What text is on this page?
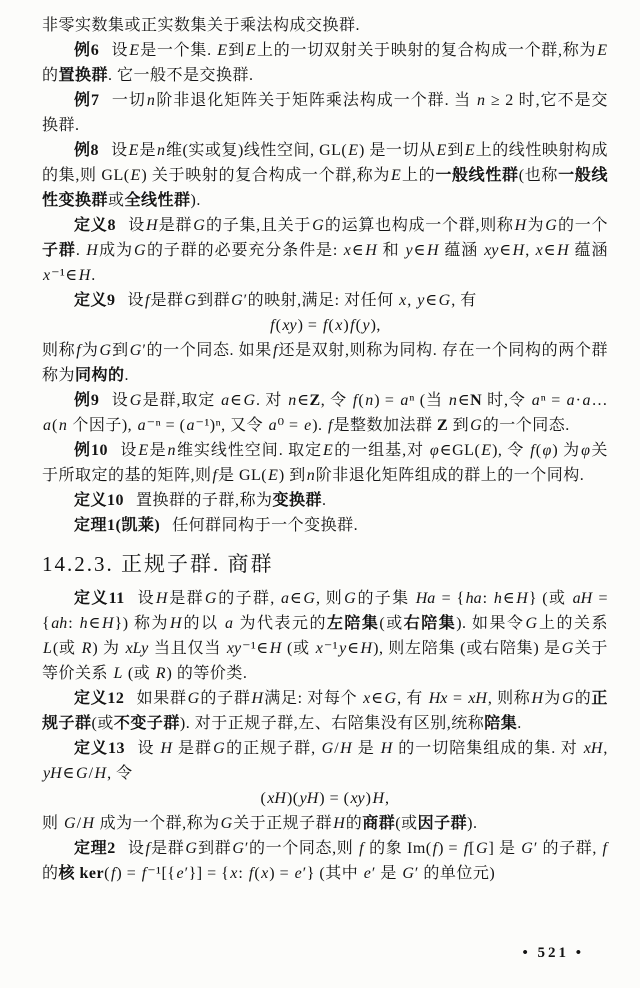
非零实数集或正实数集关于乘法构成交换群.

例6 设E是一个集. E到E上的一切双射关于映射的复合构成一个群,称为E的置换群. 它一般不是交换群.

例7 一切n阶非退化矩阵关于矩阵乘法构成一个群. 当 n ≥ 2 时,它不是交换群.

例8 设E是n维(实或复)线性空间, GL(E) 是一切从E到E上的线性映射构成的集,则 GL(E) 关于映射的复合构成一个群,称为E上的一般线性群(也称一般线性变换群或全线性群).

定义8 设H是群G的子集,且关于G的运算也构成一个群,则称H为G的一个子群. H成为G的子群的必要充分条件是: x∈H 和 y∈H 蕴涵 xy∈H, x∈H 蕴涵 x⁻¹∈H.

定义9 设f是群G到群G′的映射,满足: 对任何 x, y∈G, 有

f(xy) = f(x)f(y),

则称f为G到G′的一个同态. 如果f还是双射,则称为同构. 存在一个同构的两个群称为同构的.

例9 设G是群,取定 a∈G. 对 n∈Z, 令 f(n) = aⁿ (当 n∈N 时,令 aⁿ = a·a…a(n 个因子), a⁻ⁿ = (a⁻¹)ⁿ, 又令 a⁰ = e). f是整数加法群 Z 到G的一个同态.

例10 设E是n维实线性空间. 取定E的一组基,对 φ∈GL(E), 令 f(φ) 为φ关于所取定的基的矩阵,则f是 GL(E) 到n阶非退化矩阵组成的群上的一个同构.

定义10 置换群的子群,称为变换群.

定理1(凯莱) 任何群同构于一个变换群.

14.2.3. 正规子群. 商群

定义11 设H是群G的子群, a∈G, 则G的子集 Ha = {ha: h∈H} (或 aH = {ah: h∈H}) 称为H的以 a 为代表元的左陪集(或右陪集). 如果令G上的关系 L(或 R) 为 xLy 当且仅当 xy⁻¹∈H (或 x⁻¹y∈H), 则左陪集 (或右陪集) 是G关于等价关系 L (或 R) 的等价类.

定义12 如果群G的子群H满足: 对每个 x∈G, 有 Hx = xH, 则称H为G的正规子群(或不变子群). 对于正规子群,左、右陪集没有区别,统称陪集.

定义13 设 H 是群G的正规子群, G/H 是 H 的一切陪集组成的集. 对 xH, yH∈G/H, 令

(xH)(yH) = (xy)H,

则 G/H 成为一个群,称为G关于正规子群H的商群(或因子群).

定理2 设f是群G到群G′的一个同态,则 f 的象 Im(f) = f[G] 是 G′ 的子群, f 的核 ker(f) = f⁻¹[{e′}] = {x: f(x) = e′} (其中 e′ 是 G′ 的单位元)

• 521 •
